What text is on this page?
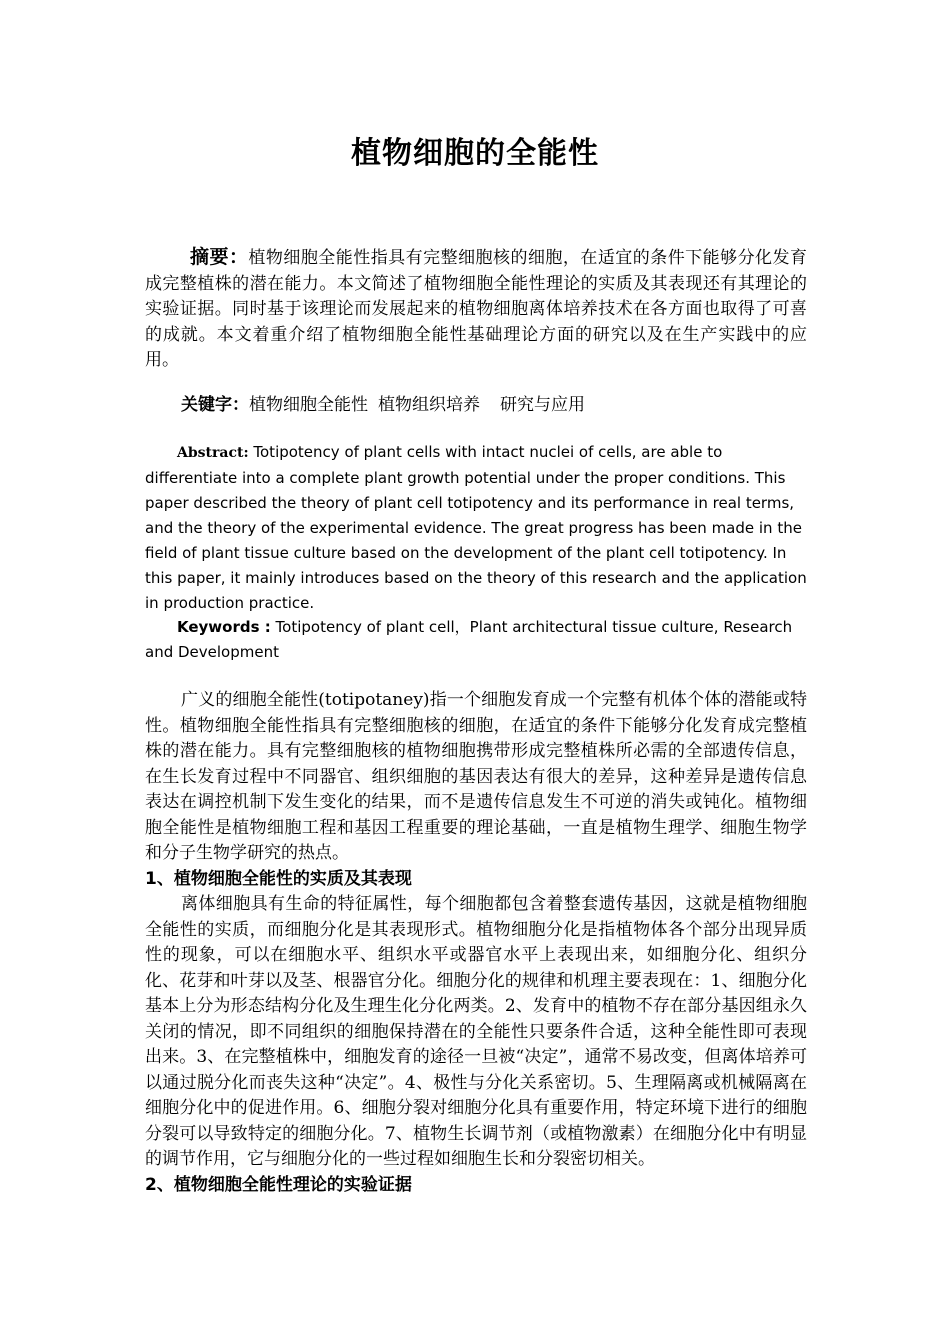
植物细胞的全能性
摘要：植物细胞全能性指具有完整细胞核的细胞，在适宜的条件下能够分化发育成完整植株的潜在能力。本文简述了植物细胞全能性理论的实质及其表现还有其理论的实验证据。同时基于该理论而发展起来的植物细胞离体培养技术在各方面也取得了可喜的成就。本文着重介绍了植物细胞全能性基础理论方面的研究以及在生产实践中的应用。
关键字：植物细胞全能性 植物组织培养 研究与应用
Abstract: Totipotency of plant cells with intact nuclei of cells, are able to differentiate into a complete plant growth potential under the proper conditions. This paper described the theory of plant cell totipotency and its performance in real terms, and the theory of the experimental evidence. The great progress has been made in the field of plant tissue culture based on the development of the plant cell totipotency. In this paper, it mainly introduces based on the theory of this research and the application in production practice.
Keywords : Totipotency of plant cell，Plant architectural tissue culture, Research and Development

广义的细胞全能性(totipotaney)指一个细胞发育成一个完整有机体个体的潜能或特性。植物细胞全能性指具有完整细胞核的细胞，在适宜的条件下能够分化发育成完整植株的潜在能力。具有完整细胞核的植物细胞携带形成完整植株所必需的全部遗传信息，在生长发育过程中不同器官、组织细胞的基因表达有很大的差异，这种差异是遗传信息表达在调控机制下发生变化的结果，而不是遗传信息发生不可逆的消失或钝化。植物细胞全能性是植物细胞工程和基因工程重要的理论基础，一直是植物生理学、细胞生物学和分子生物学研究的热点。

1、植物细胞全能性的实质及其表现

离体细胞具有生命的特征属性，每个细胞都包含着整套遗传基因，这就是植物细胞全能性的实质，而细胞分化是其表现形式。植物细胞分化是指植物体各个部分出现异质性的现象，可以在细胞水平、组织水平或器官水平上表现出来，如细胞分化、组织分化、花芽和叶芽以及茎、根器官分化。细胞分化的规律和机理主要表现在：1、细胞分化基本上分为形态结构分化及生理生化分化两类。2、发育中的植物不存在部分基因组永久关闭的情况，即不同组织的细胞保持潜在的全能性只要条件合适，这种全能性即可表现出来。3、在完整植株中，细胞发育的途径一旦被“决定”，通常不易改变，但离体培养可以通过脱分化而丧失这种“决定”。4、极性与分化关系密切。5、生理隔离或机械隔离在细胞分化中的促进作用。6、细胞分裂对细胞分化具有重要作用，特定环境下进行的细胞分裂可以导致特定的细胞分化。7、植物生长调节剂（或植物激素）在细胞分化中有明显的调节作用，它与细胞分化的一些过程如细胞生长和分裂密切相关。

2、植物细胞全能性理论的实验证据
